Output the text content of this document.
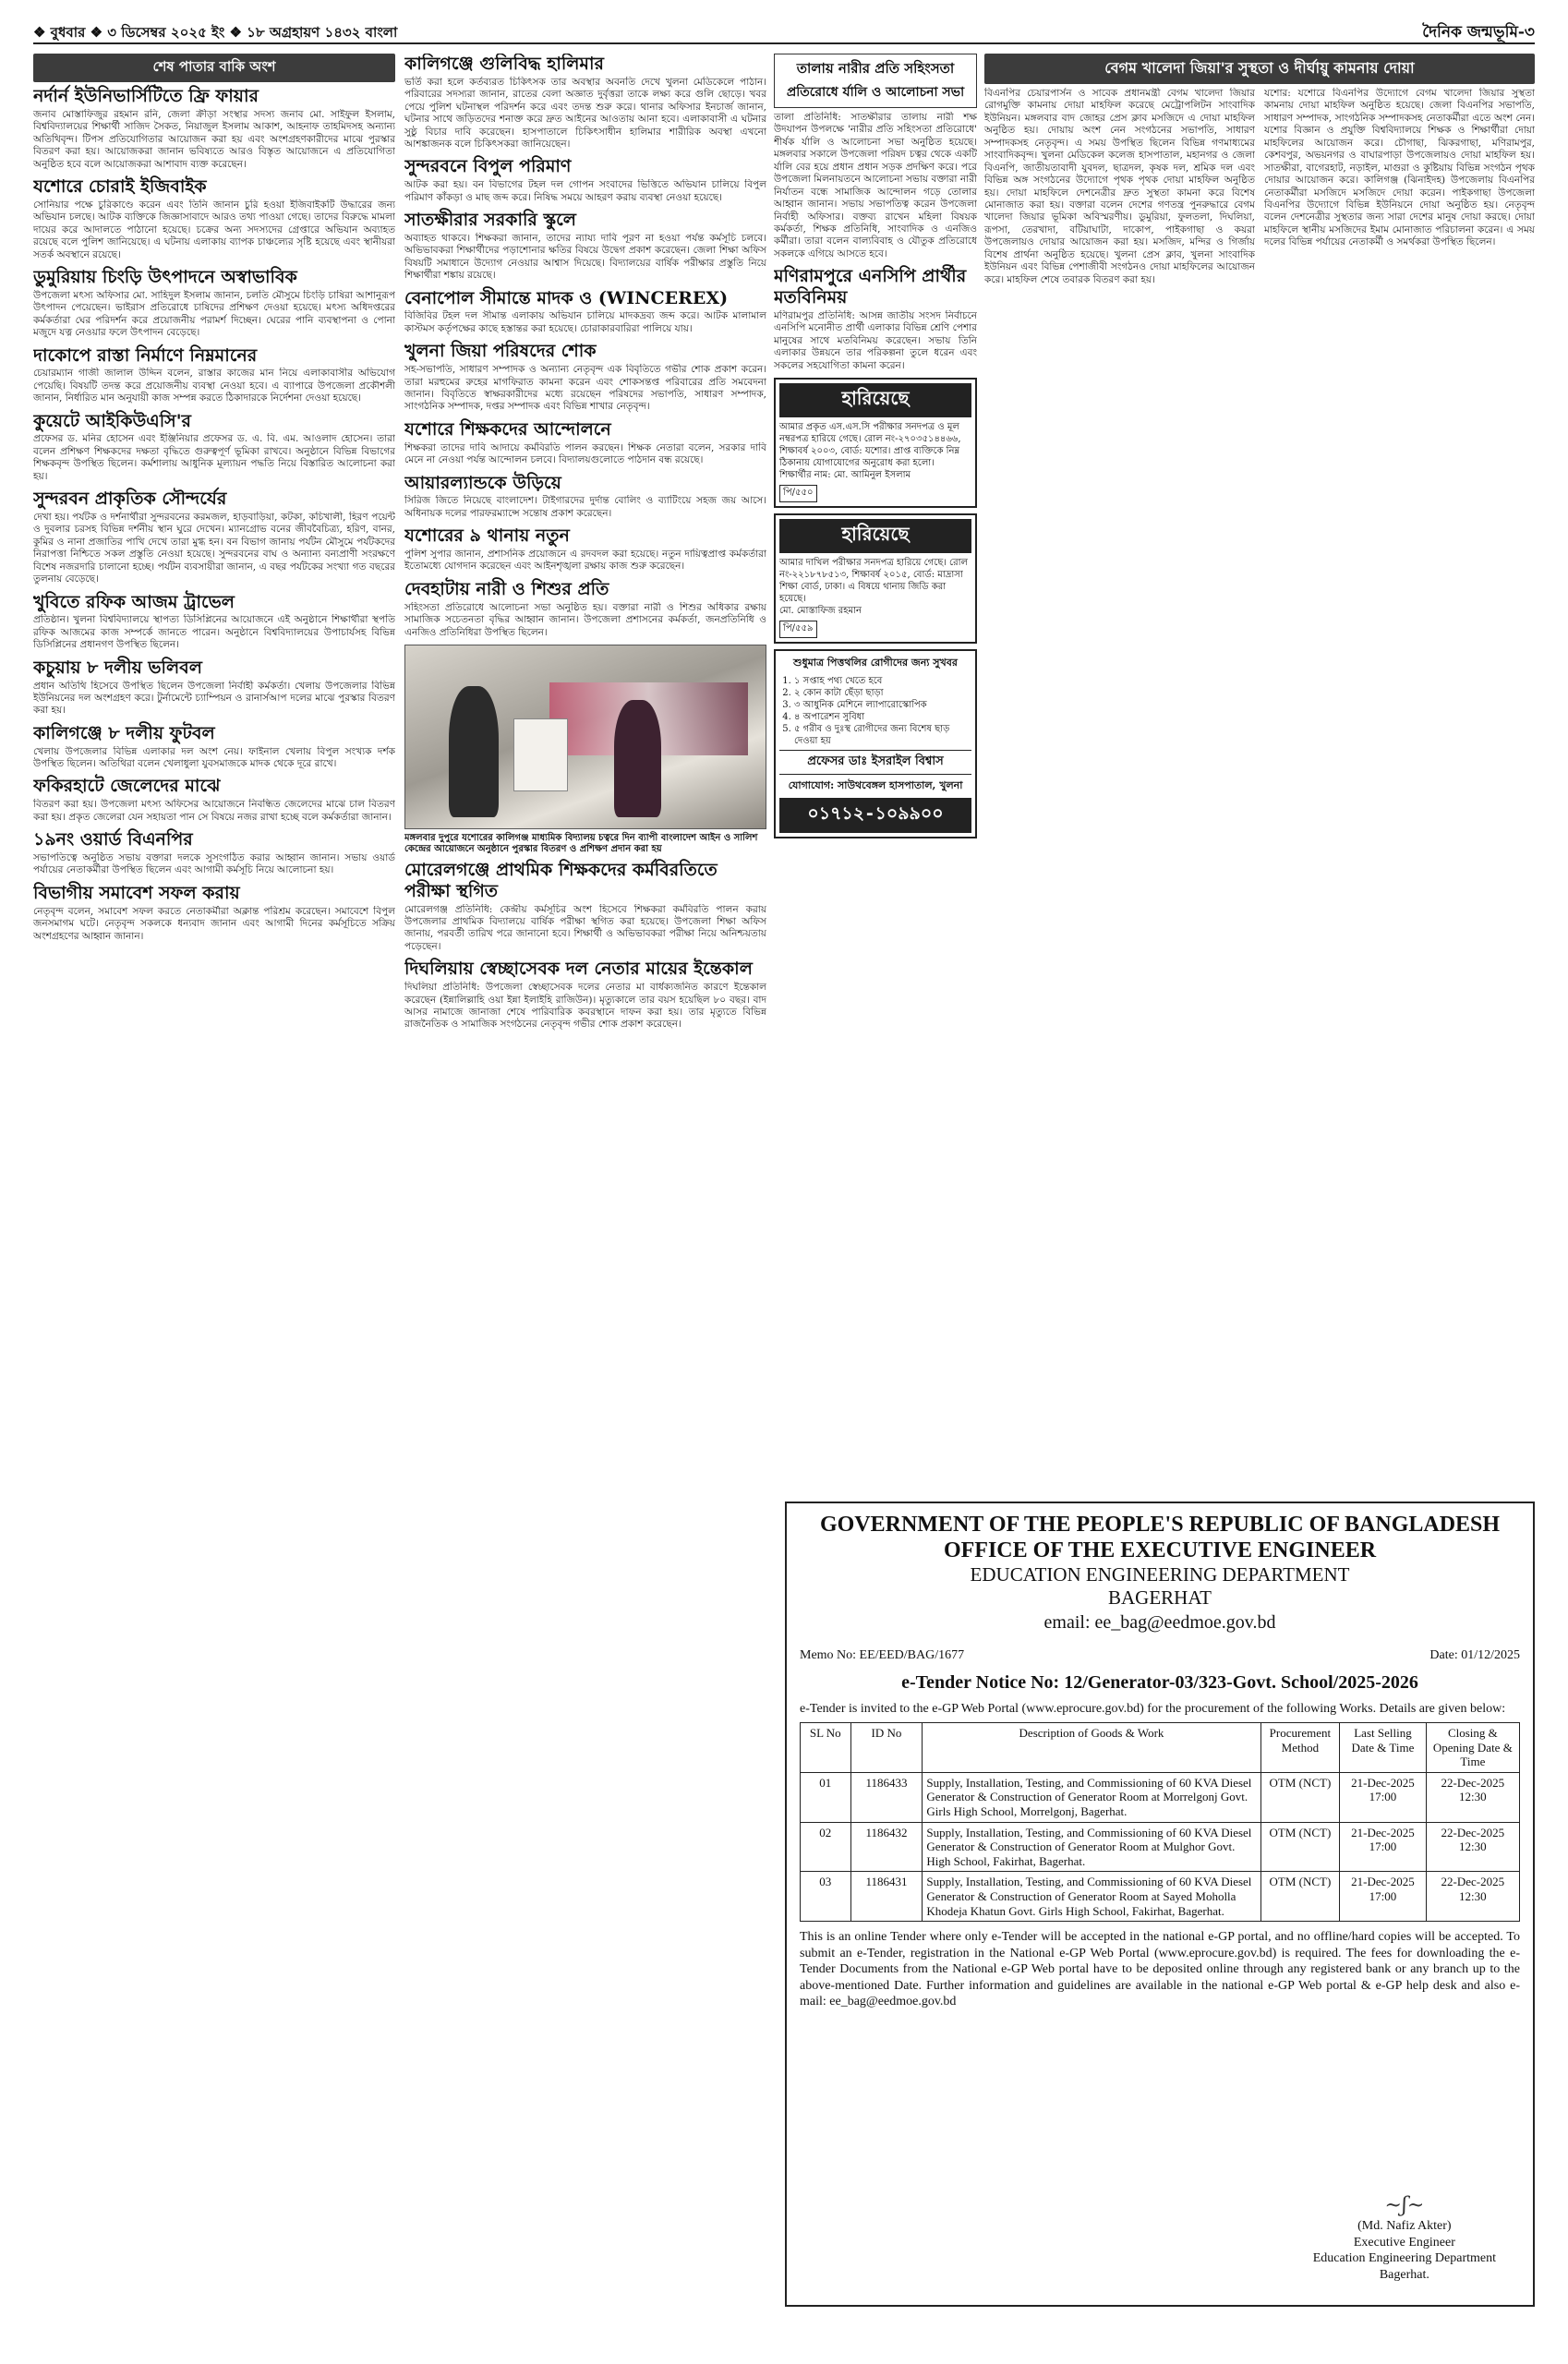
❖ বুধবার ❖ ৩ ডিসেম্বর ২০২৫ ইং ❖ ১৮ অগ্রহায়ণ ১৪৩২ বাংলা	দৈনিক জন্মভূমি-৩
শেষ পাতার বাকি অংশ
নর্দার্ন ইউনিভার্সিটিতে ফ্রি ফায়ার

জনাব মোস্তাফিজুর রহমান রনি, জেলা ক্রীড়া সংস্থার সদস্য জনাব মো. সাইফুল ইসলাম, বিশ্ববিদ্যালয়ের শিক্ষার্থী সাজিদ সৈকত, নিয়াজুল ইসলাম আকাশ, আহনাফ তাহমিদসহ অন্যান্য অতিথিবৃন্দ। টিপস প্রতিযোগিতার আয়োজন করা হয় এবং অংশগ্রহণকারীদের মাঝে পুরস্কার বিতরণ করা হয়। আয়োজকরা জানান ভবিষ্যতে আরও বিস্তৃত আয়োজনে এ প্রতিযোগিতা অনুষ্ঠিত হবে বলে আয়োজকরা আশাবাদ ব্যক্ত করেছেন।

যশোরে চোরাই ইজিবাইক

সোনিয়ার পক্ষে চুরিকাণ্ডে করেন এবং তিনি জানান চুরি হওয়া ইজিবাইকটি উদ্ধারের জন্য অভিযান চলছে। আটক ব্যক্তিকে জিজ্ঞাসাবাদে আরও তথ্য পাওয়া গেছে। তাদের বিরুদ্ধে মামলা দায়ের করে আদালতে পাঠানো হয়েছে। চক্রের অন্য সদস্যদের গ্রেপ্তারে অভিযান অব্যাহত রয়েছে বলে পুলিশ জানিয়েছে। এ ঘটনায় এলাকায় ব্যাপক চাঞ্চল্যের সৃষ্টি হয়েছে এবং স্থানীয়রা সতর্ক অবস্থানে রয়েছে।

ডুমুরিয়ায় চিংড়ি উৎপাদনে অস্বাভাবিক

উপজেলা মৎস্য অফিসার মো. সাহিদুল ইসলাম জানান, চলতি মৌসুমে চিংড়ি চাষিরা আশানুরূপ উৎপাদন পেয়েছেন। ভাইরাস প্রতিরোধে চাষিদের প্রশিক্ষণ দেওয়া হয়েছে। মৎস্য অধিদপ্তরের কর্মকর্তারা ঘের পরিদর্শন করে প্রয়োজনীয় পরামর্শ দিচ্ছেন। ঘেরের পানি ব্যবস্থাপনা ও পোনা মজুদে যত্ন নেওয়ার ফলে উৎপাদন বেড়েছে।

দাকোপে রাস্তা নির্মাণে নিম্নমানের

চেয়ারম্যান গাজী জালাল উদ্দিন বলেন, রাস্তার কাজের মান নিয়ে এলাকাবাসীর অভিযোগ পেয়েছি। বিষয়টি তদন্ত করে প্রয়োজনীয় ব্যবস্থা নেওয়া হবে। এ ব্যাপারে উপজেলা প্রকৌশলী জানান, নির্ধারিত মান অনুযায়ী কাজ সম্পন্ন করতে ঠিকাদারকে নির্দেশনা দেওয়া হয়েছে।

কুয়েটে আইকিউএসি'র

প্রফেসর ড. মনির হোসেন এবং ইঞ্জিনিয়ার প্রফেসর ড. এ. বি. এম. আওলাদ হোসেন। তারা বলেন প্রশিক্ষণ শিক্ষকদের দক্ষতা বৃদ্ধিতে গুরুত্বপূর্ণ ভূমিকা রাখবে। অনুষ্ঠানে বিভিন্ন বিভাগের শিক্ষকবৃন্দ উপস্থিত ছিলেন। কর্মশালায় আধুনিক মূল্যায়ন পদ্ধতি নিয়ে বিস্তারিত আলোচনা করা হয়।

সুন্দরবন প্রাকৃতিক সৌন্দর্যের

দেখা হয়। পর্যটক ও দর্শনার্থীরা সুন্দরবনের করমজল, হাড়বাড়িয়া, কটকা, কচিখালী, হিরণ পয়েন্ট ও দুবলার চরসহ বিভিন্ন দর্শনীয় স্থান ঘুরে দেখেন। ম্যানগ্রোভ বনের জীববৈচিত্র্য, হরিণ, বানর, কুমির ও নানা প্রজাতির পাখি দেখে তারা মুগ্ধ হন। বন বিভাগ জানায় পর্যটন মৌসুমে পর্যটকদের নিরাপত্তা নিশ্চিতে সকল প্রস্তুতি নেওয়া হয়েছে। সুন্দরবনের বাঘ ও অন্যান্য বন্যপ্রাণী সংরক্ষণে বিশেষ নজরদারি চালানো হচ্ছে। পর্যটন ব্যবসায়ীরা জানান, এ বছর পর্যটকের সংখ্যা গত বছরের তুলনায় বেড়েছে।

খুবিতে রফিক আজম ট্রাভেল

প্রতিষ্ঠান। খুলনা বিশ্ববিদ্যালয়ে স্থাপত্য ডিসিপ্লিনের আয়োজনে এই অনুষ্ঠানে শিক্ষার্থীরা স্থপতি রফিক আজমের কাজ সম্পর্কে জানতে পারেন। অনুষ্ঠানে বিশ্ববিদ্যালয়ের উপাচার্যসহ বিভিন্ন ডিসিপ্লিনের প্রধানগণ উপস্থিত ছিলেন।

কচুয়ায় ৮ দলীয় ভলিবল

প্রধান অতিথি হিসেবে উপস্থিত ছিলেন উপজেলা নির্বাহী কর্মকর্তা। খেলায় উপজেলার বিভিন্ন ইউনিয়নের দল অংশগ্রহণ করে। টুর্নামেন্টে চ্যাম্পিয়ন ও রানার্সআপ দলের মাঝে পুরস্কার বিতরণ করা হয়।

কালিগঞ্জে ৮ দলীয় ফুটবল

খেলায় উপজেলার বিভিন্ন এলাকার দল অংশ নেয়। ফাইনাল খেলায় বিপুল সংখ্যক দর্শক উপস্থিত ছিলেন। অতিথিরা বলেন খেলাধুলা যুবসমাজকে মাদক থেকে দূরে রাখে।

ফকিরহাটে জেলেদের মাঝে

বিতরণ করা হয়। উপজেলা মৎস্য অফিসের আয়োজনে নিবন্ধিত জেলেদের মাঝে চাল বিতরণ করা হয়। প্রকৃত জেলেরা যেন সহায়তা পান সে বিষয়ে নজর রাখা হচ্ছে বলে কর্মকর্তারা জানান।

১৯নং ওয়ার্ড বিএনপির

সভাপতিত্বে অনুষ্ঠিত সভায় বক্তারা দলকে সুসংগঠিত করার আহ্বান জানান। সভায় ওয়ার্ড পর্যায়ের নেতাকর্মীরা উপস্থিত ছিলেন এবং আগামী কর্মসূচি নিয়ে আলোচনা হয়।

বিভাগীয় সমাবেশ সফল করায়

নেতৃবৃন্দ বলেন, সমাবেশ সফল করতে নেতাকর্মীরা অক্লান্ত পরিশ্রম করেছেন। সমাবেশে বিপুল জনসমাগম ঘটে। নেতৃবৃন্দ সকলকে ধন্যবাদ জানান এবং আগামী দিনের কর্মসূচিতে সক্রিয় অংশগ্রহণের আহ্বান জানান।

কালিগঞ্জে গুলিবিদ্ধ হালিমার

ভর্তি করা হলে কর্তব্যরত চিকিৎসক তার অবস্থার অবনতি দেখে খুলনা মেডিকেলে পাঠান। পরিবারের সদস্যরা জানান, রাতের বেলা অজ্ঞাত দুর্বৃত্তরা তাকে লক্ষ্য করে গুলি ছোড়ে। খবর পেয়ে পুলিশ ঘটনাস্থল পরিদর্শন করে এবং তদন্ত শুরু করে। থানার অফিসার ইনচার্জ জানান, ঘটনার সাথে জড়িতদের শনাক্ত করে দ্রুত আইনের আওতায় আনা হবে। এলাকাবাসী এ ঘটনার সুষ্ঠু বিচার দাবি করেছেন। হাসপাতালে চিকিৎসাধীন হালিমার শারীরিক অবস্থা এখনো আশঙ্কাজনক বলে চিকিৎসকরা জানিয়েছেন।

সুন্দরবনে বিপুল পরিমাণ

আটক করা হয়। বন বিভাগের টহল দল গোপন সংবাদের ভিত্তিতে অভিযান চালিয়ে বিপুল পরিমাণ কাঁকড়া ও মাছ জব্দ করে। নিষিদ্ধ সময়ে আহরণ করায় ব্যবস্থা নেওয়া হয়েছে।

সাতক্ষীরার সরকারি স্কুলে

অব্যাহত থাকবে। শিক্ষকরা জানান, তাদের ন্যায্য দাবি পূরণ না হওয়া পর্যন্ত কর্মসূচি চলবে। অভিভাবকরা শিক্ষার্থীদের পড়াশোনার ক্ষতির বিষয়ে উদ্বেগ প্রকাশ করেছেন। জেলা শিক্ষা অফিস বিষয়টি সমাধানে উদ্যোগ নেওয়ার আশ্বাস দিয়েছে। বিদ্যালয়ের বার্ষিক পরীক্ষার প্রস্তুতি নিয়ে শিক্ষার্থীরা শঙ্কায় রয়েছে।

বেনাপোল সীমান্তে মাদক ও (WINCEREX)

বিজিবির টহল দল সীমান্ত এলাকায় অভিযান চালিয়ে মাদকদ্রব্য জব্দ করে। আটক মালামাল কাস্টমস কর্তৃপক্ষের কাছে হস্তান্তর করা হয়েছে। চোরাকারবারিরা পালিয়ে যায়।

খুলনা জিয়া পরিষদের শোক

সহ-সভাপতি, সাধারণ সম্পাদক ও অন্যান্য নেতৃবৃন্দ এক বিবৃতিতে গভীর শোক প্রকাশ করেন। তারা মরহুমের রুহের মাগফিরাত কামনা করেন এবং শোকসন্তপ্ত পরিবারের প্রতি সমবেদনা জানান। বিবৃতিতে স্বাক্ষরকারীদের মধ্যে রয়েছেন পরিষদের সভাপতি, সাধারণ সম্পাদক, সাংগঠনিক সম্পাদক, দপ্তর সম্পাদক এবং বিভিন্ন শাখার নেতৃবৃন্দ।

যশোরে শিক্ষকদের আন্দোলনে

শিক্ষকরা তাদের দাবি আদায়ে কর্মবিরতি পালন করছেন। শিক্ষক নেতারা বলেন, সরকার দাবি মেনে না নেওয়া পর্যন্ত আন্দোলন চলবে। বিদ্যালয়গুলোতে পাঠদান বন্ধ রয়েছে।

আয়ারল্যান্ডকে উড়িয়ে

সিরিজ জিতে নিয়েছে বাংলাদেশ। টাইগারদের দুর্দান্ত বোলিং ও ব্যাটিংয়ে সহজ জয় আসে। অধিনায়ক দলের পারফরম্যান্সে সন্তোষ প্রকাশ করেছেন।

যশোরের ৯ থানায় নতুন

পুলিশ সুপার জানান, প্রশাসনিক প্রয়োজনে এ রদবদল করা হয়েছে। নতুন দায়িত্বপ্রাপ্ত কর্মকর্তারা ইতোমধ্যে যোগদান করেছেন এবং আইনশৃঙ্খলা রক্ষায় কাজ শুরু করেছেন।

দেবহাটায় নারী ও শিশুর প্রতি

সহিংসতা প্রতিরোধে আলোচনা সভা অনুষ্ঠিত হয়। বক্তারা নারী ও শিশুর অধিকার রক্ষায় সামাজিক সচেতনতা বৃদ্ধির আহ্বান জানান। উপজেলা প্রশাসনের কর্মকর্তা, জনপ্রতিনিধি ও এনজিও প্রতিনিধিরা উপস্থিত ছিলেন।

মঙ্গলবার দুপুরে যশোরের কালিগঞ্জ মাধ্যমিক বিদ্যালয় চত্বরে দিন ব্যাপী বাংলাদেশ আইন ও সালিশ কেন্দ্রের আয়োজনে অনুষ্ঠানে পুরস্কার বিতরণ ও প্রশিক্ষণ প্রদান করা হয়
মোরেলগঞ্জে প্রাথমিক শিক্ষকদের কর্মবিরতিতে পরীক্ষা স্থগিত

মোরেলগঞ্জ প্রতিনিধি: কেন্দ্রীয় কর্মসূচির অংশ হিসেবে শিক্ষকরা কর্মবিরতি পালন করায় উপজেলার প্রাথমিক বিদ্যালয়ে বার্ষিক পরীক্ষা স্থগিত করা হয়েছে। উপজেলা শিক্ষা অফিস জানায়, পরবর্তী তারিখ পরে জানানো হবে। শিক্ষার্থী ও অভিভাবকরা পরীক্ষা নিয়ে অনিশ্চয়তায় পড়েছেন।

দিঘলিয়ায় স্বেচ্ছাসেবক দল নেতার মায়ের ইন্তেকাল

দিঘলিয়া প্রতিনিধি: উপজেলা স্বেচ্ছাসেবক দলের নেতার মা বার্ধক্যজনিত কারণে ইন্তেকাল করেছেন (ইন্নালিল্লাহি ওয়া ইন্না ইলাইহি রাজিউন)। মৃত্যুকালে তার বয়স হয়েছিল ৮০ বছর। বাদ আসর নামাজে জানাজা শেষে পারিবারিক কবরস্থানে দাফন করা হয়। তার মৃত্যুতে বিভিন্ন রাজনৈতিক ও সামাজিক সংগঠনের নেতৃবৃন্দ গভীর শোক প্রকাশ করেছেন।

তালায় নারীর প্রতি সহিংসতা
প্রতিরোধে র্যালি ও আলোচনা সভা

তালা প্রতিনিধি: সাতক্ষীরার তালায় নারী শক্ষ উদযাপন উপলক্ষে 'নারীর প্রতি সহিংসতা প্রতিরোধে' শীর্ষক র্যালি ও আলোচনা সভা অনুষ্ঠিত হয়েছে। মঙ্গলবার সকালে উপজেলা পরিষদ চত্বর থেকে একটি র্যালি বের হয়ে প্রধান প্রধান সড়ক প্রদক্ষিণ করে। পরে উপজেলা মিলনায়তনে আলোচনা সভায় বক্তারা নারী নির্যাতন বন্ধে সামাজিক আন্দোলন গড়ে তোলার আহ্বান জানান। সভায় সভাপতিত্ব করেন উপজেলা নির্বাহী অফিসার। বক্তব্য রাখেন মহিলা বিষয়ক কর্মকর্তা, শিক্ষক প্রতিনিধি, সাংবাদিক ও এনজিও কর্মীরা। তারা বলেন বাল্যবিবাহ ও যৌতুক প্রতিরোধে সকলকে এগিয়ে আসতে হবে।

মণিরামপুরে এনসিপি প্রার্থীর মতবিনিময়

মণিরামপুর প্রতিনিধি: আসন্ন জাতীয় সংসদ নির্বাচনে এনসিপি মনোনীত প্রার্থী এলাকার বিভিন্ন শ্রেণি পেশার মানুষের সাথে মতবিনিময় করেছেন। সভায় তিনি এলাকার উন্নয়নে তার পরিকল্পনা তুলে ধরেন এবং সকলের সহযোগিতা কামনা করেন।

হারিয়েছে

আমার প্রকৃত এস.এস.সি পরীক্ষার সনদপত্র ও মূল নম্বরপত্র হারিয়ে গেছে। রোল নং-২৭০৩৫১৪৪৬৬, শিক্ষাবর্ষ ২০০৩, বোর্ড: যশোর। প্রাপ্ত ব্যক্তিকে নিম্ন ঠিকানায় যোগাযোগের অনুরোধ করা হলো।

শিক্ষার্থীর নাম: মো. আমিনুল ইসলাম

পি/৫৫০
হারিয়েছে

আমার দাখিল পরীক্ষার সনদপত্র হারিয়ে গেছে। রোল নং-২২১৮৭৮৫১৩, শিক্ষাবর্ষ ২০১৫, বোর্ড: মাদ্রাসা শিক্ষা বোর্ড, ঢাকা। এ বিষয়ে থানায় জিডি করা হয়েছে।

মো. মোস্তাফিজ রহমান

পি/৫৫৯
শুধুমাত্র পিত্তথলির রোগীদের জন্য সুখবর
1. ১ সপ্তাহ পথ্য খেতে হবে
2. ২ কোন কাটা ছেঁড়া ছাড়া
3. ৩ আধুনিক মেশিনে ল্যাপারোস্কোপিক
4. ৪ অপারেশন সুবিধা
5. ৫ গরীব ও দুঃস্থ রোগীদের জন্য বিশেষ ছাড় দেওয়া হয়
প্রফেসর ডাঃ ইসরাইল বিশ্বাস
যোগাযোগ: সাউথবেঙ্গল হাসপাতাল, খুলনা
০১৭১২-১০৯৯০০
বেগম খালেদা জিয়া'র সুস্থতা ও দীর্ঘায়ু কামনায় দোয়া

বিএনপির চেয়ারপার্সন ও সাবেক প্রধানমন্ত্রী বেগম খালেদা জিয়ার রোগমুক্তি কামনায় দোয়া মাহফিল করেছে মেট্রোপলিটন সাংবাদিক ইউনিয়ন। মঙ্গলবার বাদ জোহর প্রেস ক্লাব মসজিদে এ দোয়া মাহফিল অনুষ্ঠিত হয়। দোয়ায় অংশ নেন সংগঠনের সভাপতি, সাধারণ সম্পাদকসহ নেতৃবৃন্দ। এ সময় উপস্থিত ছিলেন বিভিন্ন গণমাধ্যমের সাংবাদিকবৃন্দ। খুলনা মেডিকেল কলেজ হাসপাতাল, মহানগর ও জেলা বিএনপি, জাতীয়তাবাদী যুবদল, ছাত্রদল, কৃষক দল, শ্রমিক দল এবং বিভিন্ন অঙ্গ সংগঠনের উদ্যোগে পৃথক পৃথক দোয়া মাহফিল অনুষ্ঠিত হয়। দোয়া মাহফিলে দেশনেত্রীর দ্রুত সুস্থতা কামনা করে বিশেষ মোনাজাত করা হয়। বক্তারা বলেন দেশের গণতন্ত্র পুনরুদ্ধারে বেগম খালেদা জিয়ার ভূমিকা অবিস্মরণীয়। ডুমুরিয়া, ফুলতলা, দিঘলিয়া, রূপসা, তেরখাদা, বটিয়াঘাটা, দাকোপ, পাইকগাছা ও কয়রা উপজেলায়ও দোয়ার আয়োজন করা হয়। মসজিদ, মন্দির ও গির্জায় বিশেষ প্রার্থনা অনুষ্ঠিত হয়েছে। খুলনা প্রেস ক্লাব, খুলনা সাংবাদিক ইউনিয়ন এবং বিভিন্ন পেশাজীবী সংগঠনও দোয়া মাহফিলের আয়োজন করে। মাহফিল শেষে তবারক বিতরণ করা হয়।

যশোর: যশোরে বিএনপির উদ্যোগে বেগম খালেদা জিয়ার সুস্থতা কামনায় দোয়া মাহফিল অনুষ্ঠিত হয়েছে। জেলা বিএনপির সভাপতি, সাধারণ সম্পাদক, সাংগঠনিক সম্পাদকসহ নেতাকর্মীরা এতে অংশ নেন। যশোর বিজ্ঞান ও প্রযুক্তি বিশ্ববিদ্যালয়ে শিক্ষক ও শিক্ষার্থীরা দোয়া মাহফিলের আয়োজন করে। চৌগাছা, ঝিকরগাছা, মণিরামপুর, কেশবপুর, অভয়নগর ও বাঘারপাড়া উপজেলায়ও দোয়া মাহফিল হয়। সাতক্ষীরা, বাগেরহাট, নড়াইল, মাগুরা ও কুষ্টিয়ায় বিভিন্ন সংগঠন পৃথক দোয়ার আয়োজন করে। কালিগঞ্জ (ঝিনাইদহ) উপজেলায় বিএনপির নেতাকর্মীরা মসজিদে মসজিদে দোয়া করেন। পাইকগাছা উপজেলা বিএনপির উদ্যোগে বিভিন্ন ইউনিয়নে দোয়া অনুষ্ঠিত হয়। নেতৃবৃন্দ বলেন দেশনেত্রীর সুস্থতার জন্য সারা দেশের মানুষ দোয়া করছে। দোয়া মাহফিলে স্থানীয় মসজিদের ইমাম মোনাজাত পরিচালনা করেন। এ সময় দলের বিভিন্ন পর্যায়ের নেতাকর্মী ও সমর্থকরা উপস্থিত ছিলেন।

GOVERNMENT OF THE PEOPLE'S REPUBLIC OF BANGLADESH
OFFICE OF THE EXECUTIVE ENGINEER
EDUCATION ENGINEERING DEPARTMENT
BAGERHAT
email: ee_bag@eedmoe.gov.bd
Memo No: EE/EED/BAG/1677	Date: 01/12/2025
e-Tender Notice No: 12/Generator-03/323-Govt. School/2025-2026
e-Tender is invited to the e-GP Web Portal (www.eprocure.gov.bd) for the procurement of the following Works. Details are given below:
SL No	ID No	Description of Goods & Work	Procurement Method	Last Selling Date & Time	Closing & Opening Date & Time
01	1186433	Supply, Installation, Testing, and Commissioning of 60 KVA Diesel Generator & Construction of Generator Room at Morrelgonj Govt. Girls High School, Morrelgonj, Bagerhat.	OTM (NCT)	21-Dec-2025 17:00	22-Dec-2025 12:30
02	1186432	Supply, Installation, Testing, and Commissioning of 60 KVA Diesel Generator & Construction of Generator Room at Mulghor Govt. High School, Fakirhat, Bagerhat.	OTM (NCT)	21-Dec-2025 17:00	22-Dec-2025 12:30
03	1186431	Supply, Installation, Testing, and Commissioning of 60 KVA Diesel Generator & Construction of Generator Room at Sayed Moholla Khodeja Khatun Govt. Girls High School, Fakirhat, Bagerhat.	OTM (NCT)	21-Dec-2025 17:00	22-Dec-2025 12:30
This is an online Tender where only e-Tender will be accepted in the national e-GP portal, and no offline/hard copies will be accepted. To submit an e-Tender, registration in the National e-GP Web Portal (www.eprocure.gov.bd) is required. The fees for downloading the e-Tender Documents from the National e-GP Web portal have to be deposited online through any registered bank or any branch up to the above-mentioned Date. Further information and guidelines are available in the national e-GP Web portal & e-GP help desk and also e-mail: ee_bag@eedmoe.gov.bd
~ʃ~
(Md. Nafiz Akter)
Executive Engineer
Education Engineering Department
Bagerhat.
